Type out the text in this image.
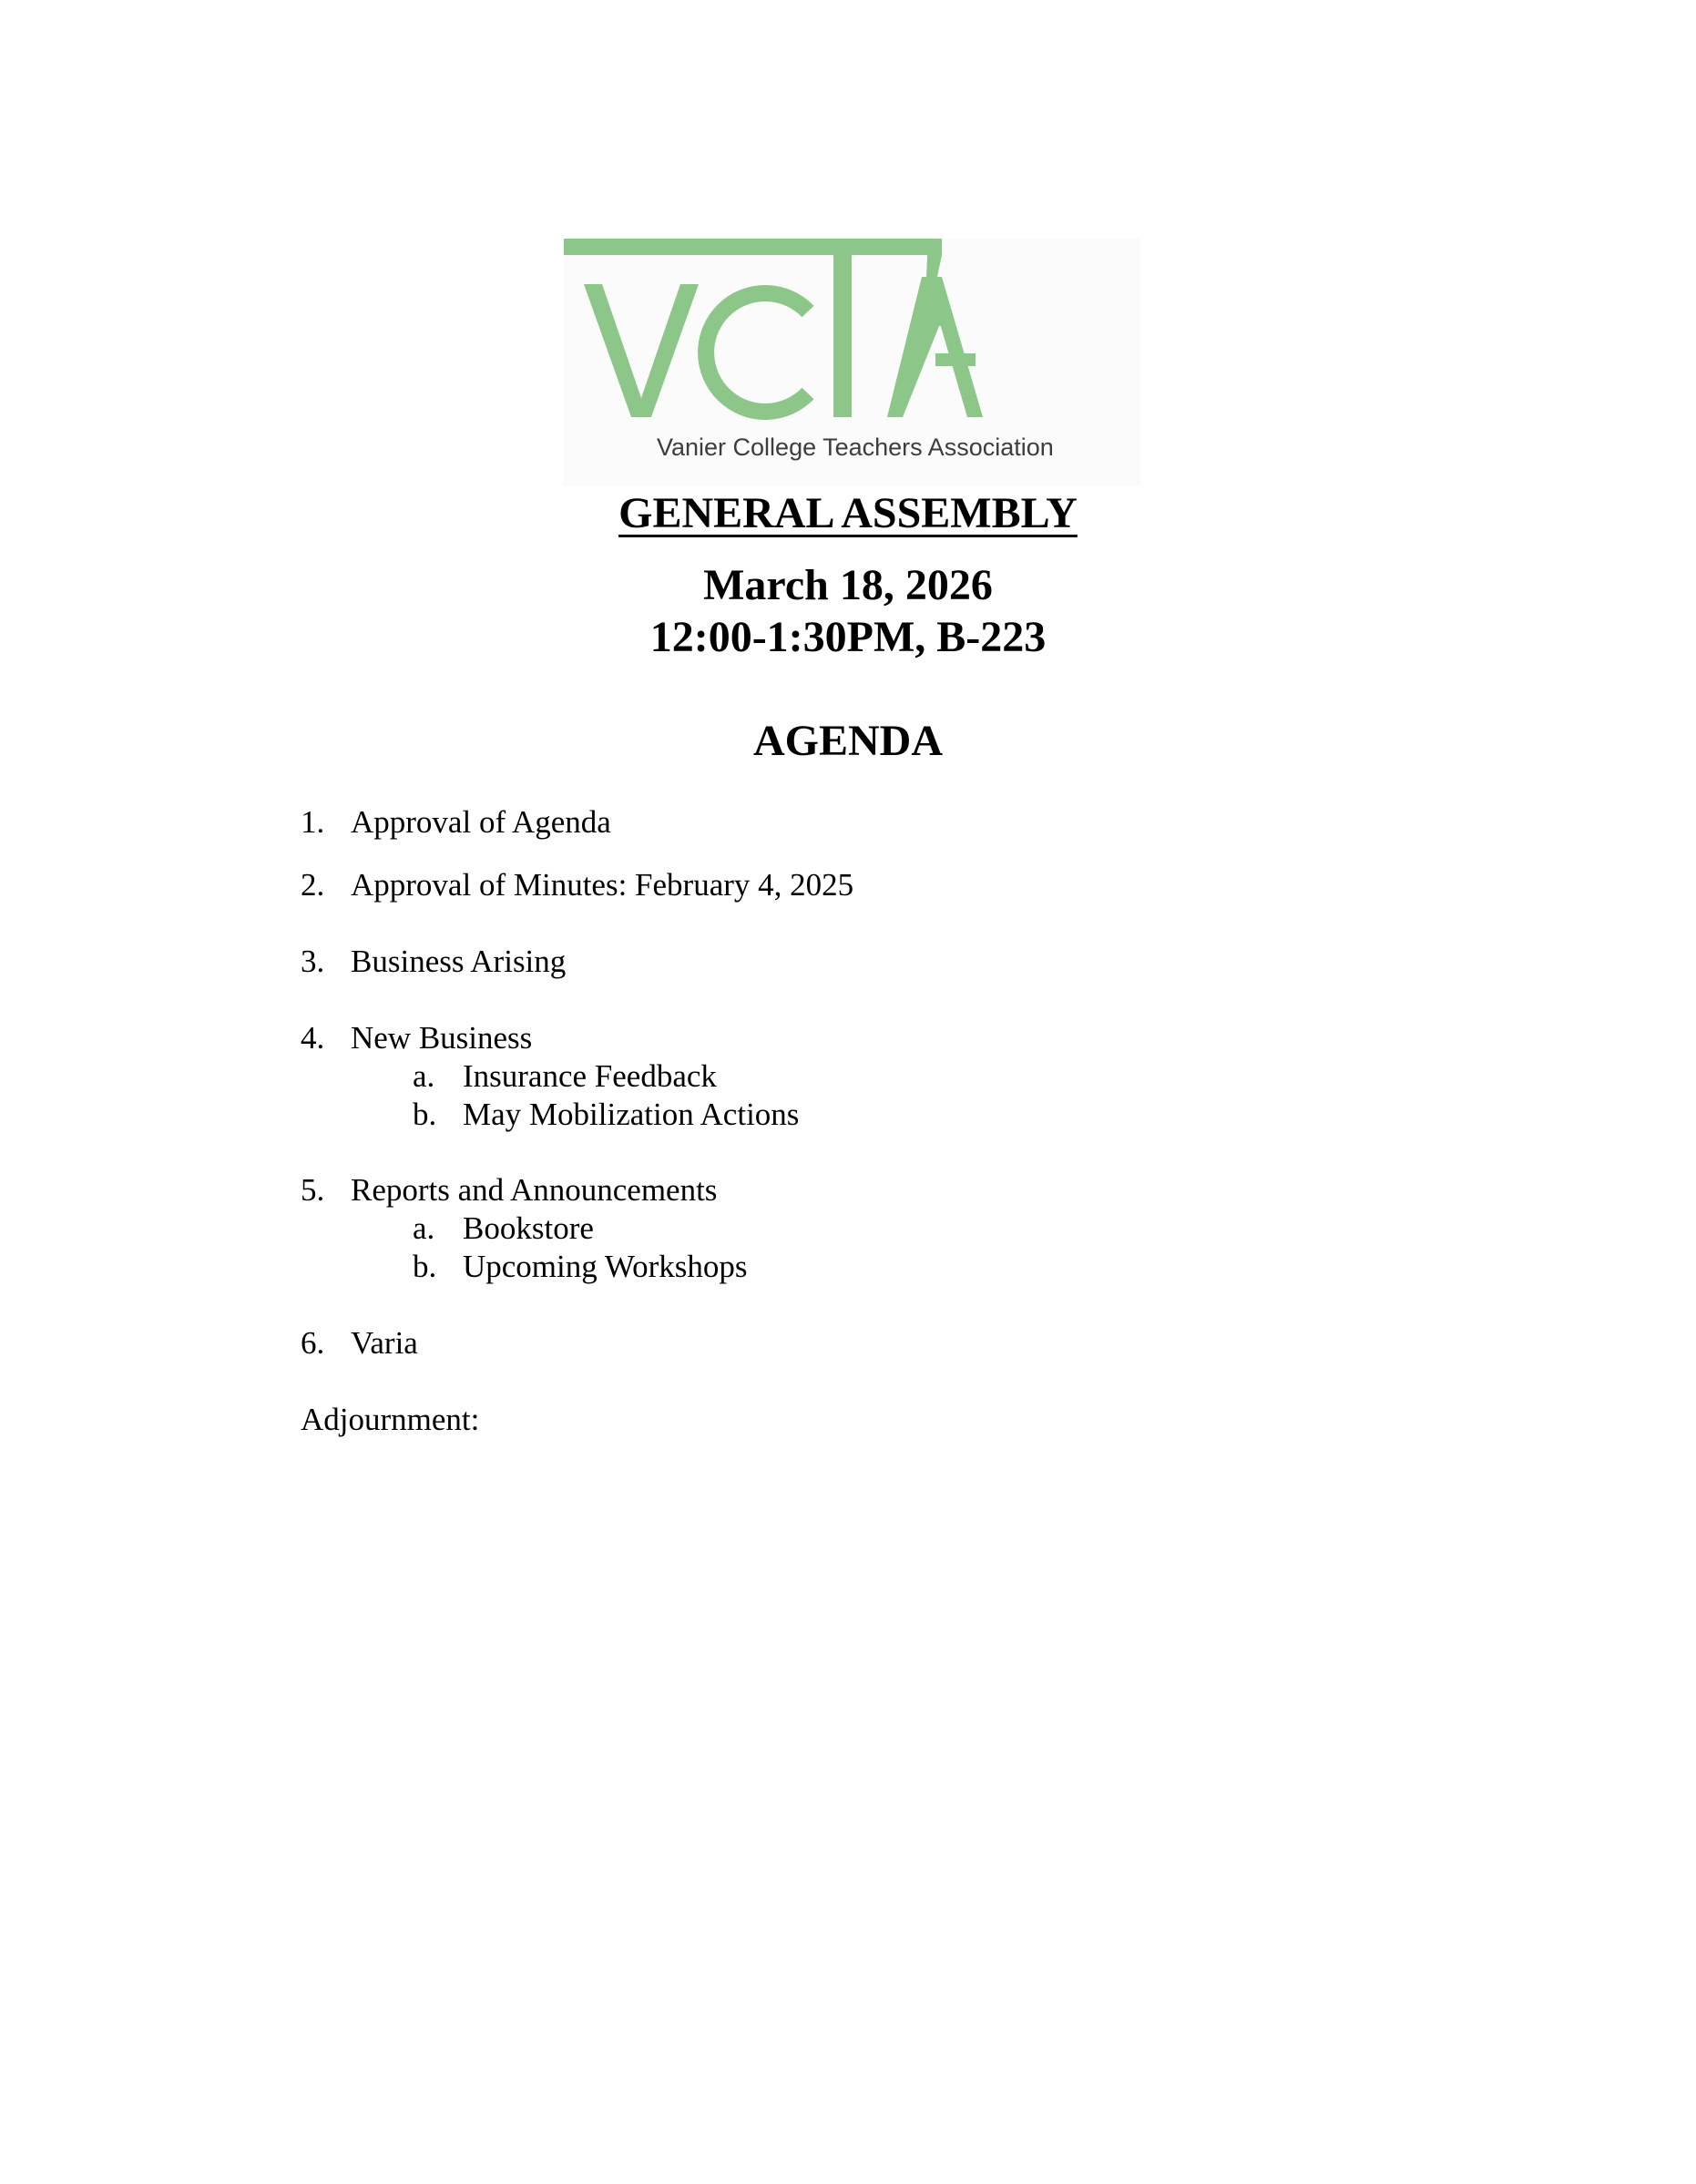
Vanier College Teachers Association
GENERAL ASSEMBLY
March 18, 2026
12:00-1:30PM, B-223
AGENDA
1. Approval of Agenda
2. Approval of Minutes: February 4, 2025
3. Business Arising
4. New Business
a. Insurance Feedback
b. May Mobilization Actions
5. Reports and Announcements
a. Bookstore
b. Upcoming Workshops
6. Varia
Adjournment:
